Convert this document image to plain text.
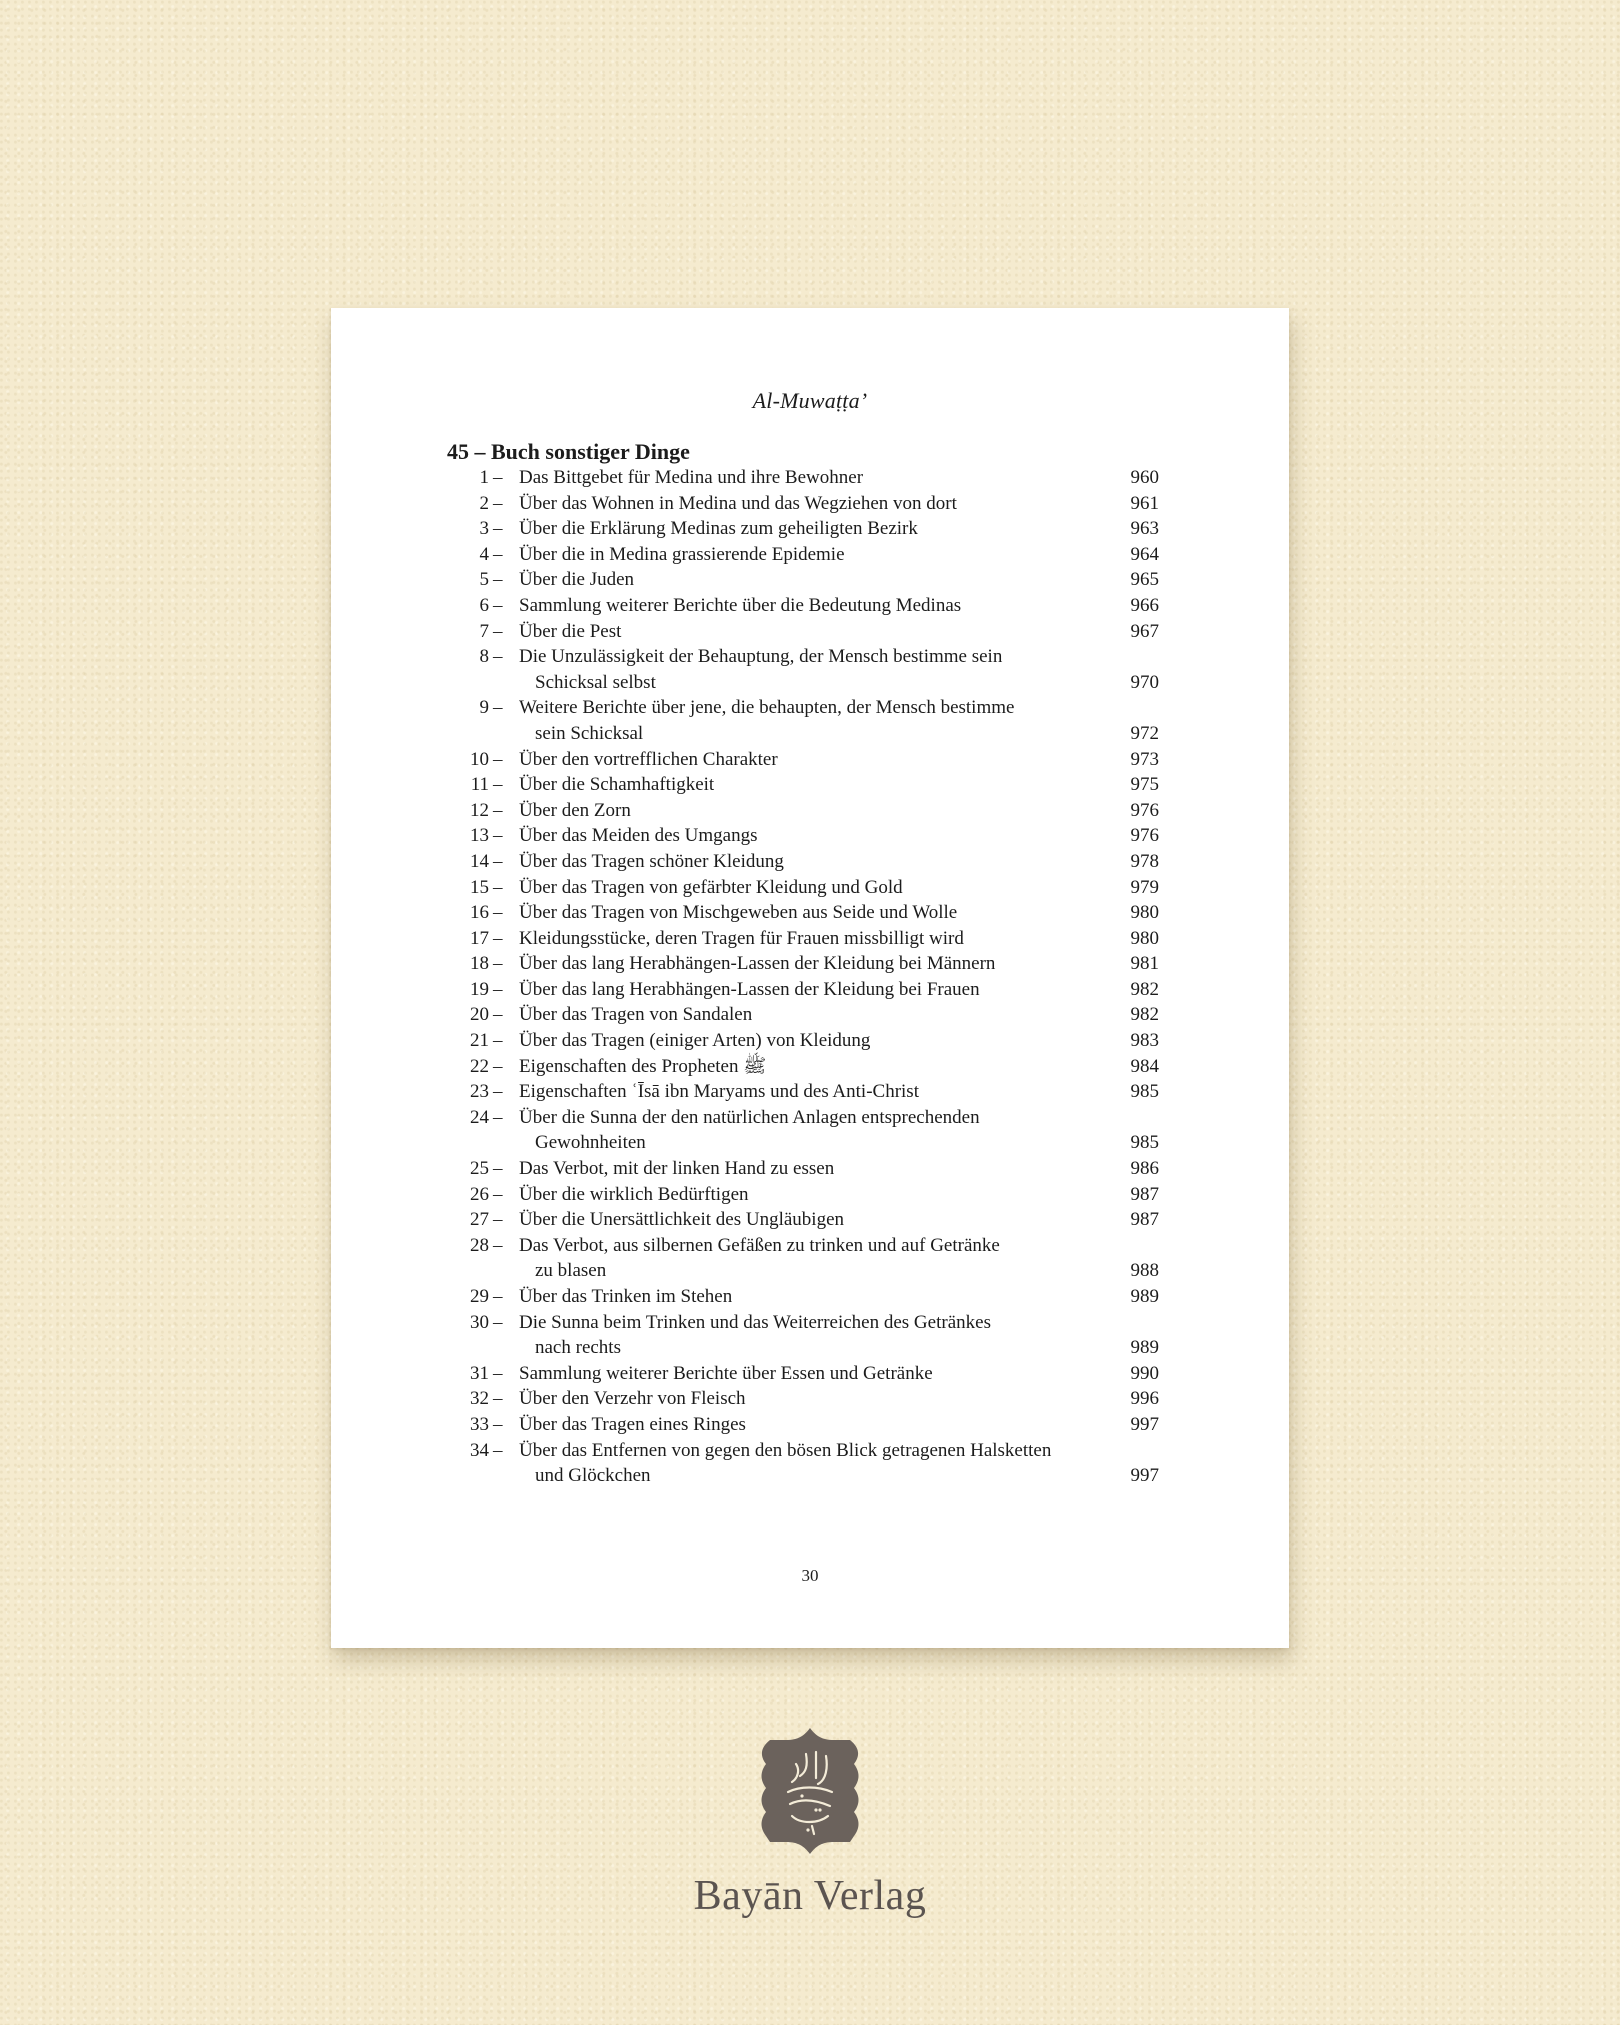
Al-Muwaṭṭa’
45 – Buch sonstiger Dinge
1 – Das Bittgebet für Medina und ihre Bewohner	960
2 – Über das Wohnen in Medina und das Wegziehen von dort	961
3 – Über die Erklärung Medinas zum geheiligten Bezirk	963
4 – Über die in Medina grassierende Epidemie	964
5 – Über die Juden	965
6 – Sammlung weiterer Berichte über die Bedeutung Medinas	966
7 – Über die Pest	967
8 – Die Unzulässigkeit der Behauptung, der Mensch bestimme sein
Schicksal selbst	970
9 – Weitere Berichte über jene, die behaupten, der Mensch bestimme
sein Schicksal	972
10 – Über den vortrefflichen Charakter	973
11 – Über die Schamhaftigkeit	975
12 – Über den Zorn	976
13 – Über das Meiden des Umgangs	976
14 – Über das Tragen schöner Kleidung	978
15 – Über das Tragen von gefärbter Kleidung und Gold	979
16 – Über das Tragen von Mischgeweben aus Seide und Wolle	980
17 – Kleidungsstücke, deren Tragen für Frauen missbilligt wird	980
18 – Über das lang Herabhängen-Lassen der Kleidung bei Männern	981
19 – Über das lang Herabhängen-Lassen der Kleidung bei Frauen	982
20 – Über das Tragen von Sandalen	982
21 – Über das Tragen (einiger Arten) von Kleidung	983
22 – Eigenschaften des Propheten ﷺ	984
23 – Eigenschaften ʿĪsā ibn Maryams und des Anti-Christ	985
24 – Über die Sunna der den natürlichen Anlagen entsprechenden
Gewohnheiten	985
25 – Das Verbot, mit der linken Hand zu essen	986
26 – Über die wirklich Bedürftigen	987
27 – Über die Unersättlichkeit des Ungläubigen	987
28 – Das Verbot, aus silbernen Gefäßen zu trinken und auf Getränke
zu blasen	988
29 – Über das Trinken im Stehen	989
30 – Die Sunna beim Trinken und das Weiterreichen des Getränkes
nach rechts	989
31 – Sammlung weiterer Berichte über Essen und Getränke	990
32 – Über den Verzehr von Fleisch	996
33 – Über das Tragen eines Ringes	997
34 – Über das Entfernen von gegen den bösen Blick getragenen Halsketten
und Glöckchen	997
30
Bayān Verlag
